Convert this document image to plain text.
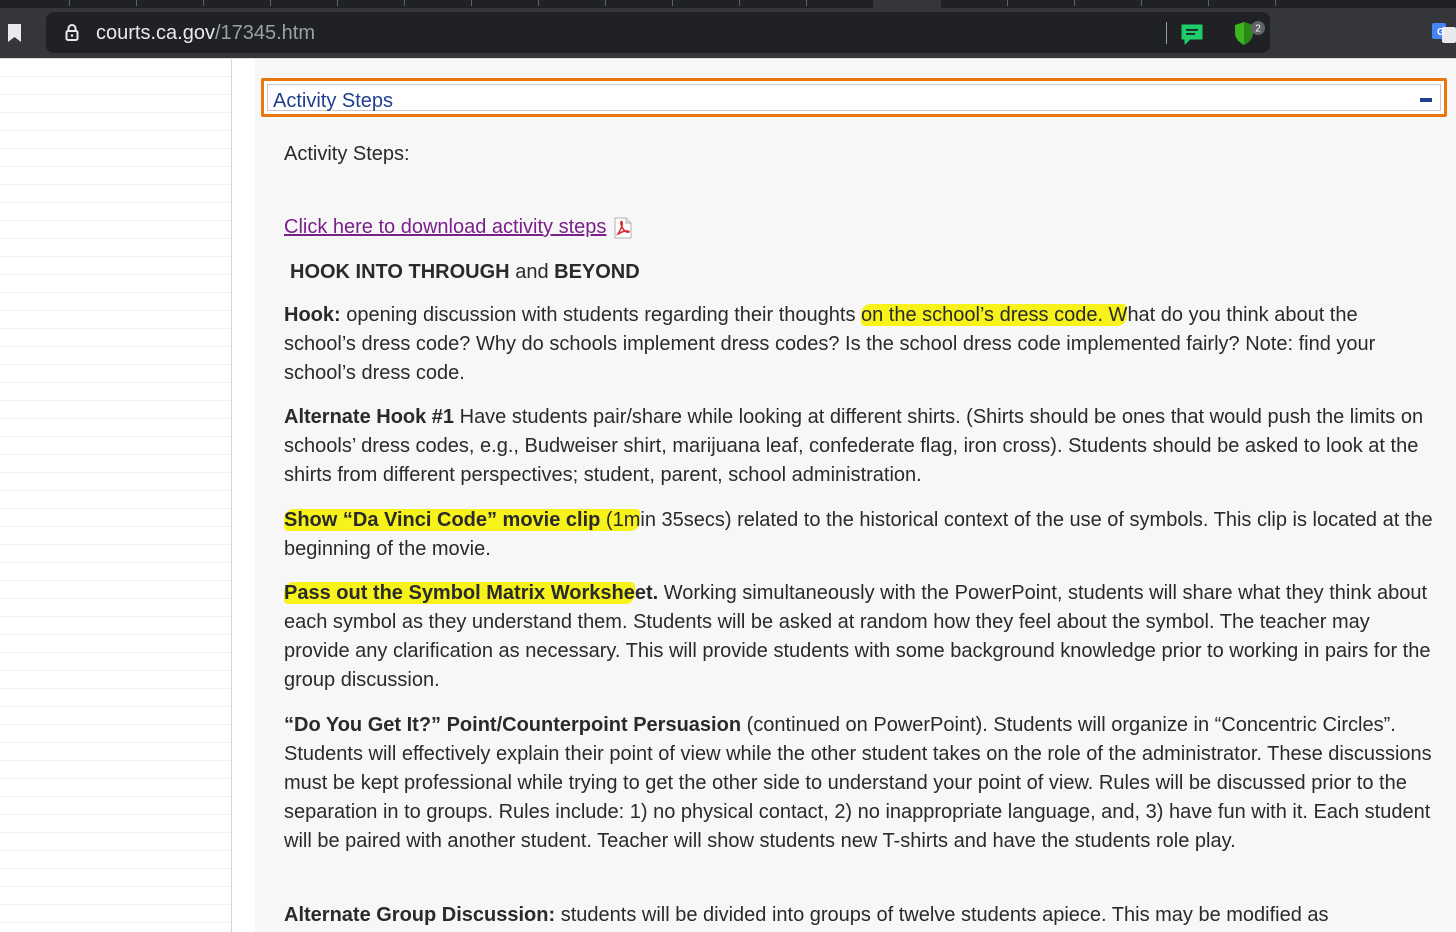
courts.ca.gov/17345.htm	2	G
Activity Steps
Activity Steps:
Click here to download activity steps
HOOK INTO THROUGH and BEYOND

Hook: opening discussion with students regarding their thoughts on the school’s dress code. What do you think about the school’s dress code? Why do schools implement dress codes? Is the school dress code implemented fairly? Note: find your school’s dress code.

Alternate Hook #1 Have students pair/share while looking at different shirts. (Shirts should be ones that would push the limits on schools’ dress codes, e.g., Budweiser shirt, marijuana leaf, confederate flag, iron cross). Students should be asked to look at the shirts from different perspectives; student, parent, school administration.

Show “Da Vinci Code” movie clip (1min 35secs) related to the historical context of the use of symbols. This clip is located at the beginning of the movie.

Pass out the Symbol Matrix Worksheet. Working simultaneously with the PowerPoint, students will share what they think about each symbol as they understand them. Students will be asked at random how they feel about the symbol. The teacher may provide any clarification as necessary. This will provide students with some background knowledge prior to working in pairs for the group discussion.

“Do You Get It?” Point/Counterpoint Persuasion (continued on PowerPoint). Students will organize in “Concentric Circles”. Students will effectively explain their point of view while the other student takes on the role of the administrator. These discussions must be kept professional while trying to get the other side to understand your point of view. Rules will be discussed prior to the separation in to groups. Rules include: 1) no physical contact, 2) no inappropriate language, and, 3) have fun with it. Each student will be paired with another student. Teacher will show students new T-shirts and have the students role play.

Alternate Group Discussion: students will be divided into groups of twelve students apiece. This may be modified as
